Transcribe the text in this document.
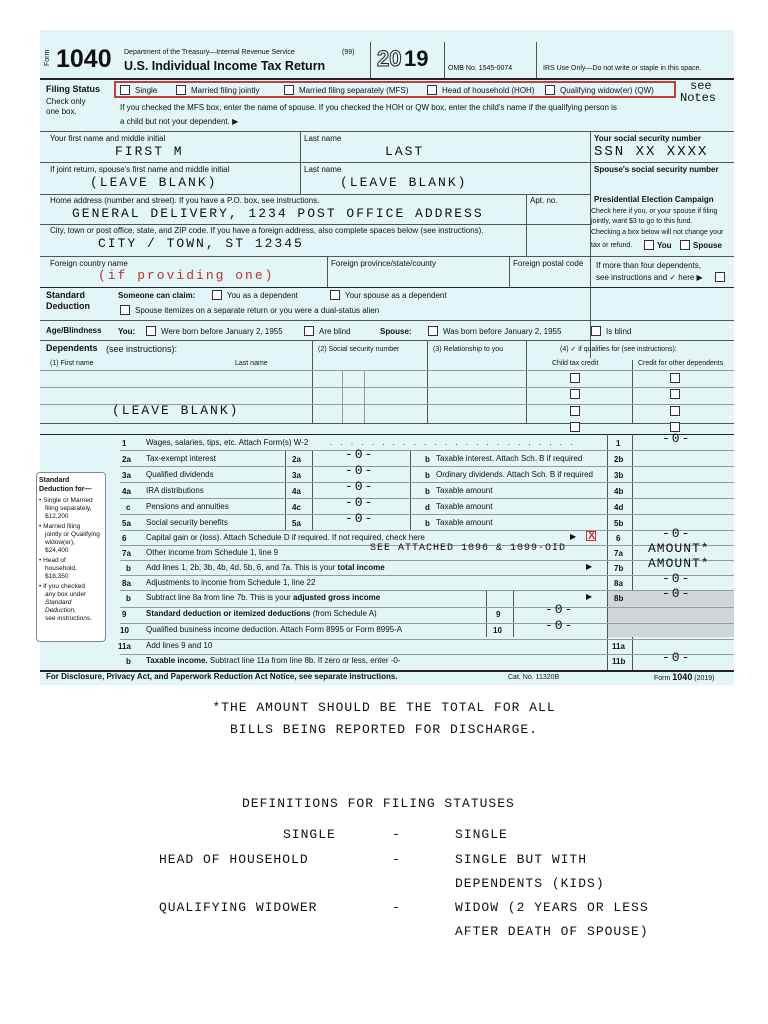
Form 1040 Department of the Treasury—Internal Revenue Service	(99)
U.S. Individual Income Tax Return 20 19	OMB No. 1545-0074	IRS Use Only—Do not write or staple in this space.
Filing Status
Check only
one box.
Single	Married filing jointly	Married filing separately (MFS)	Head of household (HOH)	Qualifying widow(er) (QW)	see
Notes
If you checked the MFS box, enter the name of spouse. If you checked the HOH or QW box, enter the child's name if the qualifying person is
a child but not your dependent. ▶
Your first name and middle initial
FIRST M
Last name
LAST
Your social security number
SSN XX XXXX
If joint return, spouse's first name and middle initial
(LEAVE BLANK)
Last name
(LEAVE BLANK)
Spouse's social security number
Home address (number and street). If you have a P.O. box, see instructions.
GENERAL DELIVERY, 1234 POST OFFICE ADDRESS
Apt. no.	Presidential Election Campaign
Check here if you, or your spouse if filing
jointly, want $3 to go to this fund.
Checking a box below will not change your
tax or refund.	You	Spouse
City, town or post office, state, and ZIP code. If you have a foreign address, also complete spaces below (see instructions).
CITY / TOWN, ST 12345
Foreign country name
(if providing one)
Foreign province/state/county	Foreign postal code If more than four dependents,
see instructions and ✓ here ▶
Standard
Deduction
Someone can claim:	You as a dependent	Your spouse as a dependent
Spouse itemizes on a separate return or you were a dual-status alien
Age/Blindness You:	Were born before January 2, 1955	Are blind	Spouse:	Was born before January 2, 1955	Is blind
Dependents (see instructions):
(1) First name	Last name
(2) Social security number	(3) Relationship to you	(4) ✓ if qualifies for (see instructions):
Child tax credit	Credit for other dependents
(LEAVE BLANK)
Standard
Deduction for—
• Single or Married
filing separately,
$12,200
• Married filing
jointly or Qualifying
widow(er),
$24,400
• Head of
household,
$18,350
• If you checked
any box under
Standard
Deduction,
see instructions.
1 Wages, salaries, tips, etc. Attach Form(s) W-2	. . . . . . . . . . . . . . . . . . . . . . . .	1	-0-
2a Tax-exempt interest	2a	-0-	b Taxable interest. Attach Sch. B if required	2b
3a Qualified dividends	3a	-0-	b Ordinary dividends. Attach Sch. B if required	3b
4a IRA distributions	4a	-0-	b Taxable amount	4b
c Pensions and annuities	4c	-0-	d Taxable amount	4d
5a Social security benefits	5a	-0-	b Taxable amount	5b
6 Capital gain or (loss). Attach Schedule D if required. If not required, check here	▶ X	6	-0-
7a Other income from Schedule 1, line 9	SEE ATTACHED 1096 & 1099-OID	7a AMOUNT*
b Add lines 1, 2b, 3b, 4b, 4d, 5b, 6, and 7a. This is your total income	▶	7b AMOUNT*
8a Adjustments to income from Schedule 1, line 22	8a	-0-
b Subtract line 8a from line 7b. This is your adjusted gross income	▶	8b	-0-
9 Standard deduction or itemized deductions (from Schedule A)	9	-0-
10 Qualified business income deduction. Attach Form 8995 or Form 8995-A	10	-0-
11a Add lines 9 and 10	11a
b Taxable income. Subtract line 11a from line 8b. If zero or less, enter -0-	11b	-0-
For Disclosure, Privacy Act, and Paperwork Reduction Act Notice, see separate instructions.	Cat. No. 11320B	Form 1040 (2019)
*THE AMOUNT SHOULD BE THE TOTAL FOR ALL
BILLS BEING REPORTED FOR DISCHARGE.
DEFINITIONS FOR FILING STATUSES
SINGLE	-	SINGLE
HEAD OF HOUSEHOLD	-	SINGLE BUT WITH
DEPENDENTS (KIDS)
QUALIFYING WIDOWER	-	WIDOW (2 YEARS OR LESS
AFTER DEATH OF SPOUSE)
